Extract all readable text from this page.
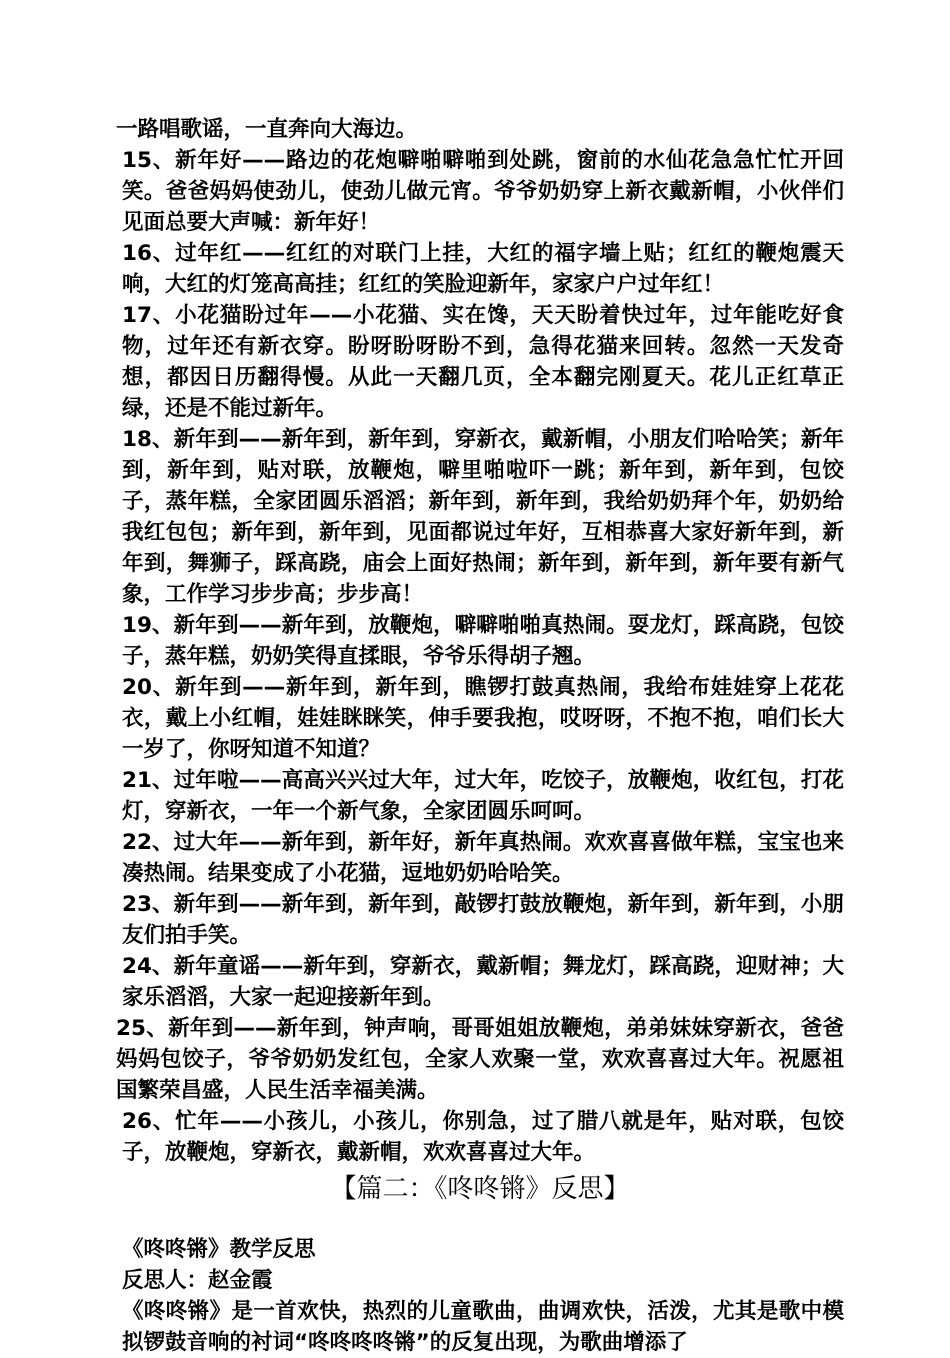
一路唱歌谣，一直奔向大海边。

15、新年好——路边的花炮噼啪噼啪到处跳，窗前的水仙花急急忙忙开回笑。爸爸妈妈使劲儿，使劲儿做元宵。爷爷奶奶穿上新衣戴新帽，小伙伴们见面总要大声喊：新年好！

16、过年红——红红的对联门上挂，大红的福字墙上贴；红红的鞭炮震天响，大红的灯笼高高挂；红红的笑脸迎新年，家家户户过年红！

17、小花猫盼过年——小花猫、实在馋，天天盼着快过年，过年能吃好食物，过年还有新衣穿。盼呀盼呀盼不到，急得花猫来回转。忽然一天发奇想，都因日历翻得慢。从此一天翻几页，全本翻完刚夏天。花儿正红草正绿，还是不能过新年。

18、新年到——新年到，新年到，穿新衣，戴新帽，小朋友们哈哈笑；新年到，新年到，贴对联，放鞭炮，噼里啪啦吓一跳；新年到，新年到，包饺子，蒸年糕，全家团圆乐滔滔；新年到，新年到，我给奶奶拜个年，奶奶给我红包包；新年到，新年到，见面都说过年好，互相恭喜大家好新年到，新年到，舞狮子，踩高跷，庙会上面好热闹；新年到，新年到，新年要有新气象，工作学习步步高；步步高！

19、新年到——新年到，放鞭炮，噼噼啪啪真热闹。耍龙灯，踩高跷，包饺子，蒸年糕，奶奶笑得直揉眼，爷爷乐得胡子翘。

20、新年到——新年到，新年到，瞧锣打鼓真热闹，我给布娃娃穿上花花衣，戴上小红帽，娃娃眯眯笑，伸手要我抱，哎呀呀，不抱不抱，咱们长大一岁了，你呀知道不知道？

21、过年啦——高高兴兴过大年，过大年，吃饺子，放鞭炮，收红包，打花灯，穿新衣，一年一个新气象，全家团圆乐呵呵。

22、过大年——新年到，新年好，新年真热闹。欢欢喜喜做年糕，宝宝也来凑热闹。结果变成了小花猫，逗地奶奶哈哈笑。

23、新年到——新年到，新年到，敲锣打鼓放鞭炮，新年到，新年到，小朋友们拍手笑。

24、新年童谣——新年到，穿新衣，戴新帽；舞龙灯，踩高跷，迎财神；大家乐滔滔，大家一起迎接新年到。

25、新年到——新年到，钟声响，哥哥姐姐放鞭炮，弟弟妹妹穿新衣，爸爸妈妈包饺子，爷爷奶奶发红包，全家人欢聚一堂，欢欢喜喜过大年。祝愿祖国繁荣昌盛，人民生活幸福美满。

26、忙年——小孩儿，小孩儿，你别急，过了腊八就是年，贴对联，包饺子，放鞭炮，穿新衣，戴新帽，欢欢喜喜过大年。

【篇二：《咚咚锵》反思】

《咚咚锵》教学反思

反思人：赵金霞

《咚咚锵》是一首欢快，热烈的儿童歌曲，曲调欢快，活泼，尤其是歌中模拟锣鼓音响的衬词“咚咚咚咚锵”的反复出现，为歌曲增添了
